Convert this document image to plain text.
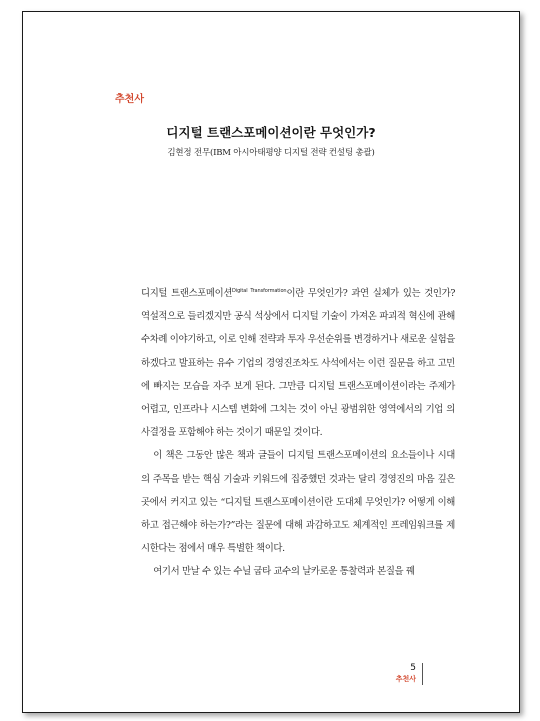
추천사
디지털 트랜스포메이션이란 무엇인가?
김현정 전무(IBM 아시아태평양 디지털 전략 컨설팅 총괄)

디지털 트랜스포메이션$^{Digital Transformation}$이란 무엇인가? 과연 실체가 있는 것인가? 역설적으로 들리겠지만 공식 석상에서 디지털 기술이 가져온 파괴적 혁신에 관해 수차례 이야기하고, 이로 인해 전략과 투자 우선순위를 변경하거나 새로운 실험을 하겠다고 발표하는 유수 기업의 경영진조차도 사석에서는 이런 질문을 하고 고민에 빠지는 모습을 자주 보게 된다. 그만큼 디지털 트랜스포메이션이라는 주제가 어렵고, 인프라나 시스템 변화에 그치는 것이 아닌 광범위한 영역에서의 기업 의사결정을 포함해야 하는 것이기 때문일 것이다.

이 책은 그동안 많은 책과 글들이 디지털 트랜스포메이션의 요소들이나 시대의 주목을 받는 핵심 기술과 키워드에 집중했던 것과는 달리 경영진의 마음 깊은 곳에서 커지고 있는 “디지털 트랜스포메이션이란 도대체 무엇인가? 어떻게 이해하고 접근해야 하는가?”라는 질문에 대해 과감하고도 체계적인 프레임워크를 제시한다는 점에서 매우 특별한 책이다.

여기서 만날 수 있는 수닐 굽타 교수의 날카로운 통찰력과 본질을 꿰

5
추천사
